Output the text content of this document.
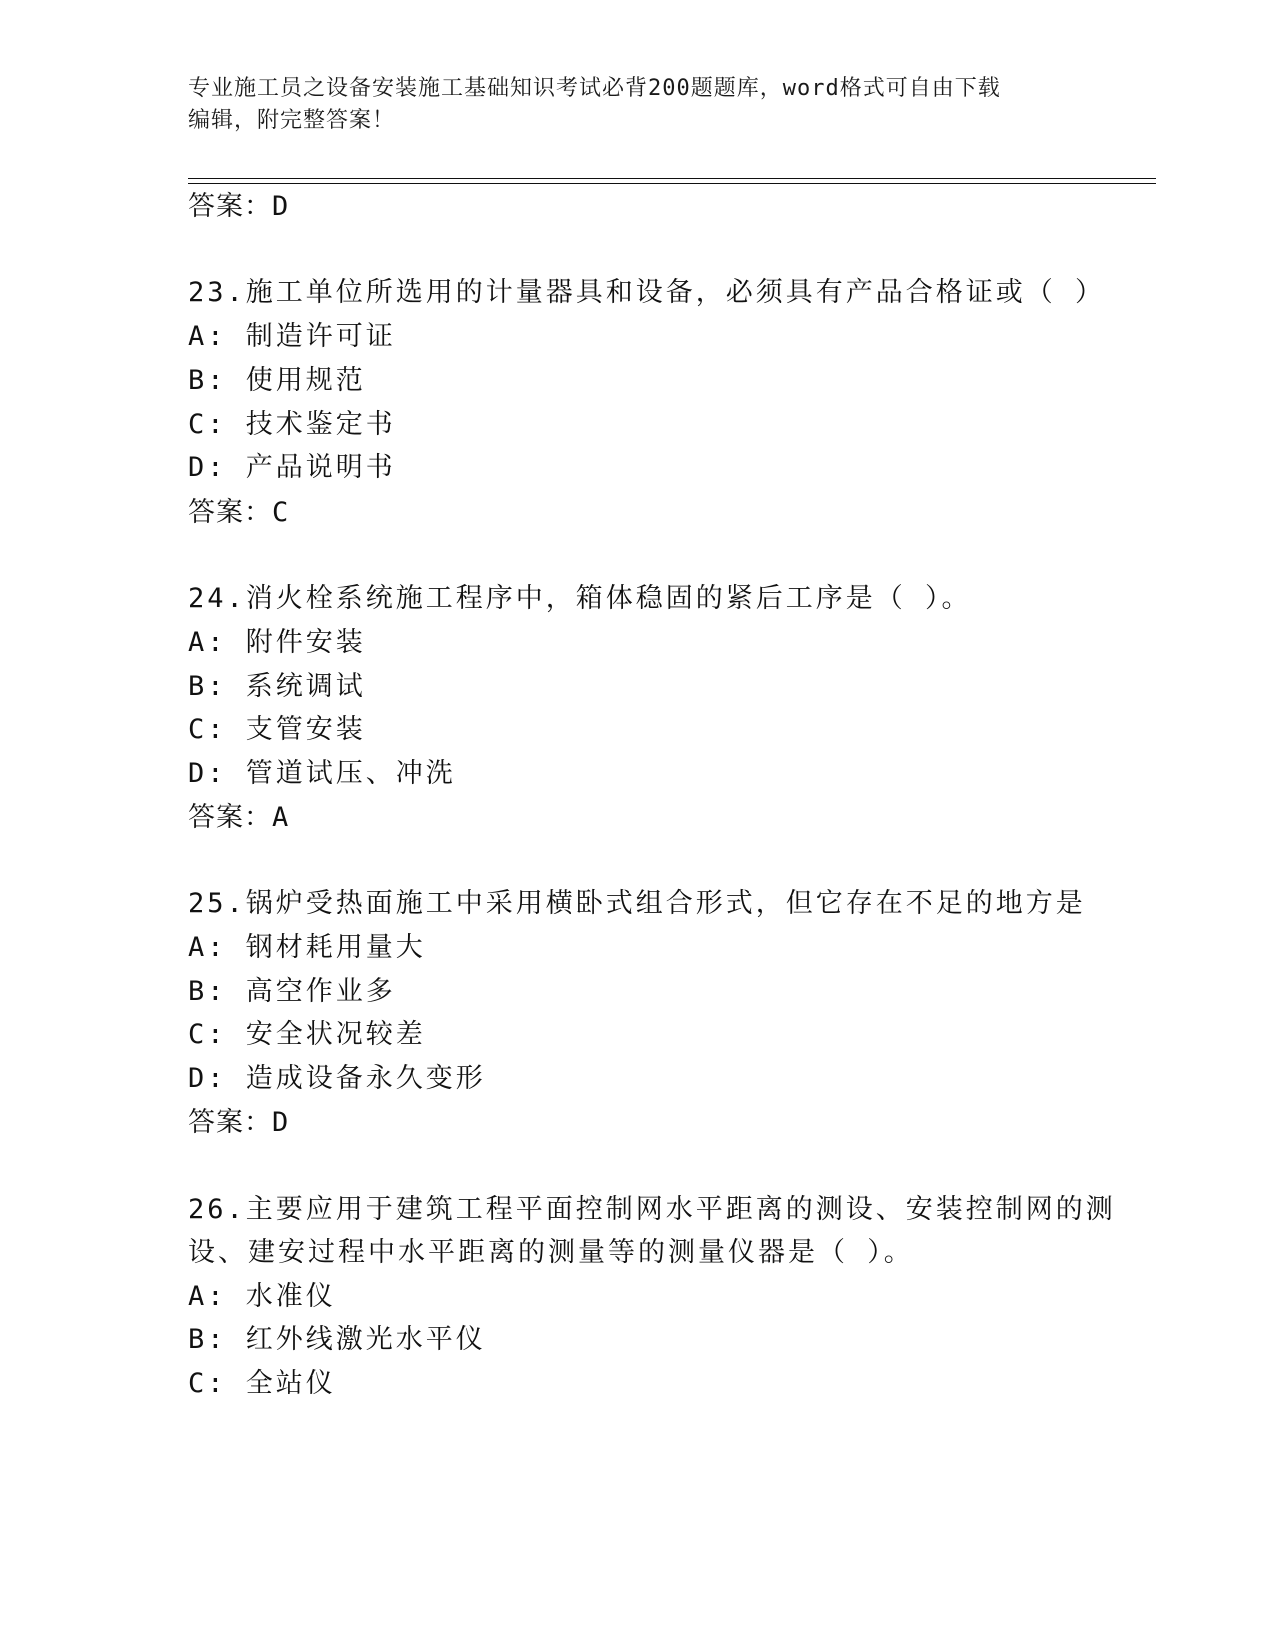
专业施工员之设备安装施工基础知识考试必背200题题库，word格式可自由下载
编辑，附完整答案！
答案：D
23.施工单位所选用的计量器具和设备，必须具有产品合格证或（ ）
A: 制造许可证
B: 使用规范
C: 技术鉴定书
D: 产品说明书
答案：C
24.消火栓系统施工程序中，箱体稳固的紧后工序是（ ）。
A: 附件安装
B: 系统调试
C: 支管安装
D: 管道试压、冲洗
答案：A
25.锅炉受热面施工中采用横卧式组合形式，但它存在不足的地方是
A: 钢材耗用量大
B: 高空作业多
C: 安全状况较差
D: 造成设备永久变形
答案：D
26.主要应用于建筑工程平面控制网水平距离的测设、安装控制网的测
设、建安过程中水平距离的测量等的测量仪器是（ ）。
A: 水准仪
B: 红外线激光水平仪
C: 全站仪
